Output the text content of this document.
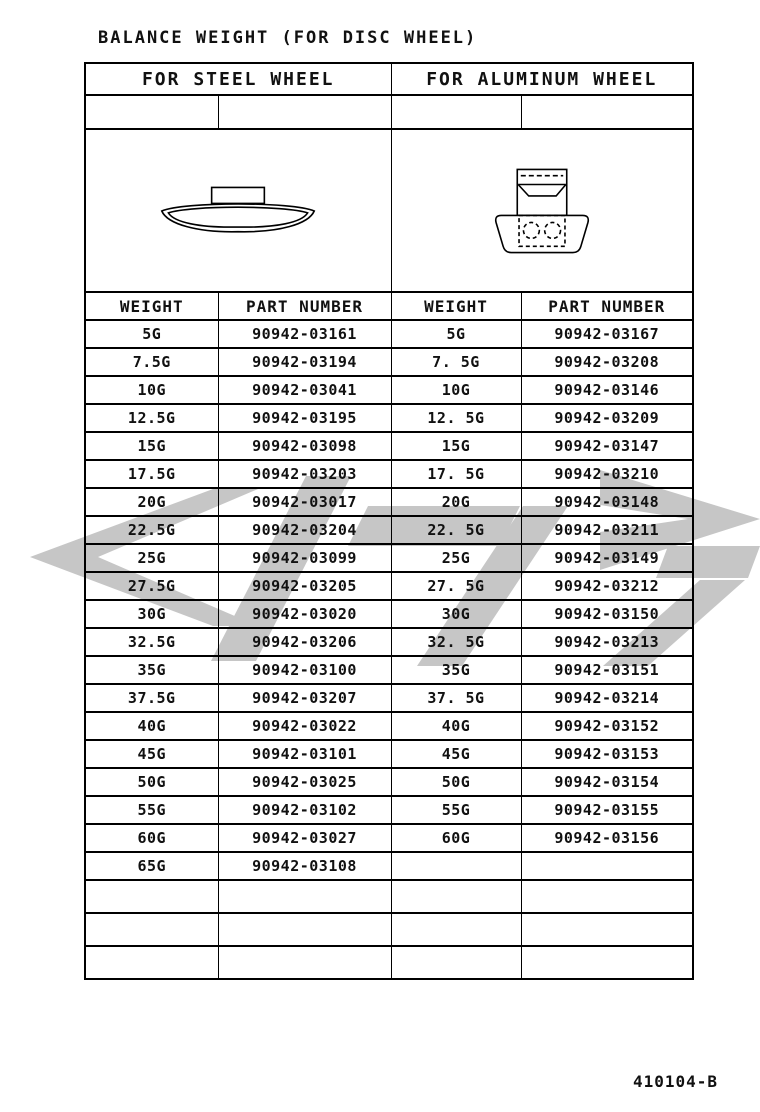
BALANCE WEIGHT (FOR DISC WHEEL)
FOR STEEL WHEEL		FOR ALUMINUM WHEEL	

WEIGHT	PART NUMBER	WEIGHT	PART NUMBER
5G	90942-03161	5G	90942-03167
7.5G	90942-03194	7. 5G	90942-03208
10G	90942-03041	10G	90942-03146
12.5G	90942-03195	12. 5G	90942-03209
15G	90942-03098	15G	90942-03147
17.5G	90942-03203	17. 5G	90942-03210
20G	90942-03017	20G	90942-03148
22.5G	90942-03204	22. 5G	90942-03211
25G	90942-03099	25G	90942-03149
27.5G	90942-03205	27. 5G	90942-03212
30G	90942-03020	30G	90942-03150
32.5G	90942-03206	32. 5G	90942-03213
35G	90942-03100	35G	90942-03151
37.5G	90942-03207	37. 5G	90942-03214
40G	90942-03022	40G	90942-03152
45G	90942-03101	45G	90942-03153
50G	90942-03025	50G	90942-03154
55G	90942-03102	55G	90942-03155
60G	90942-03027	60G	90942-03156
65G	90942-03108		

410104-B
